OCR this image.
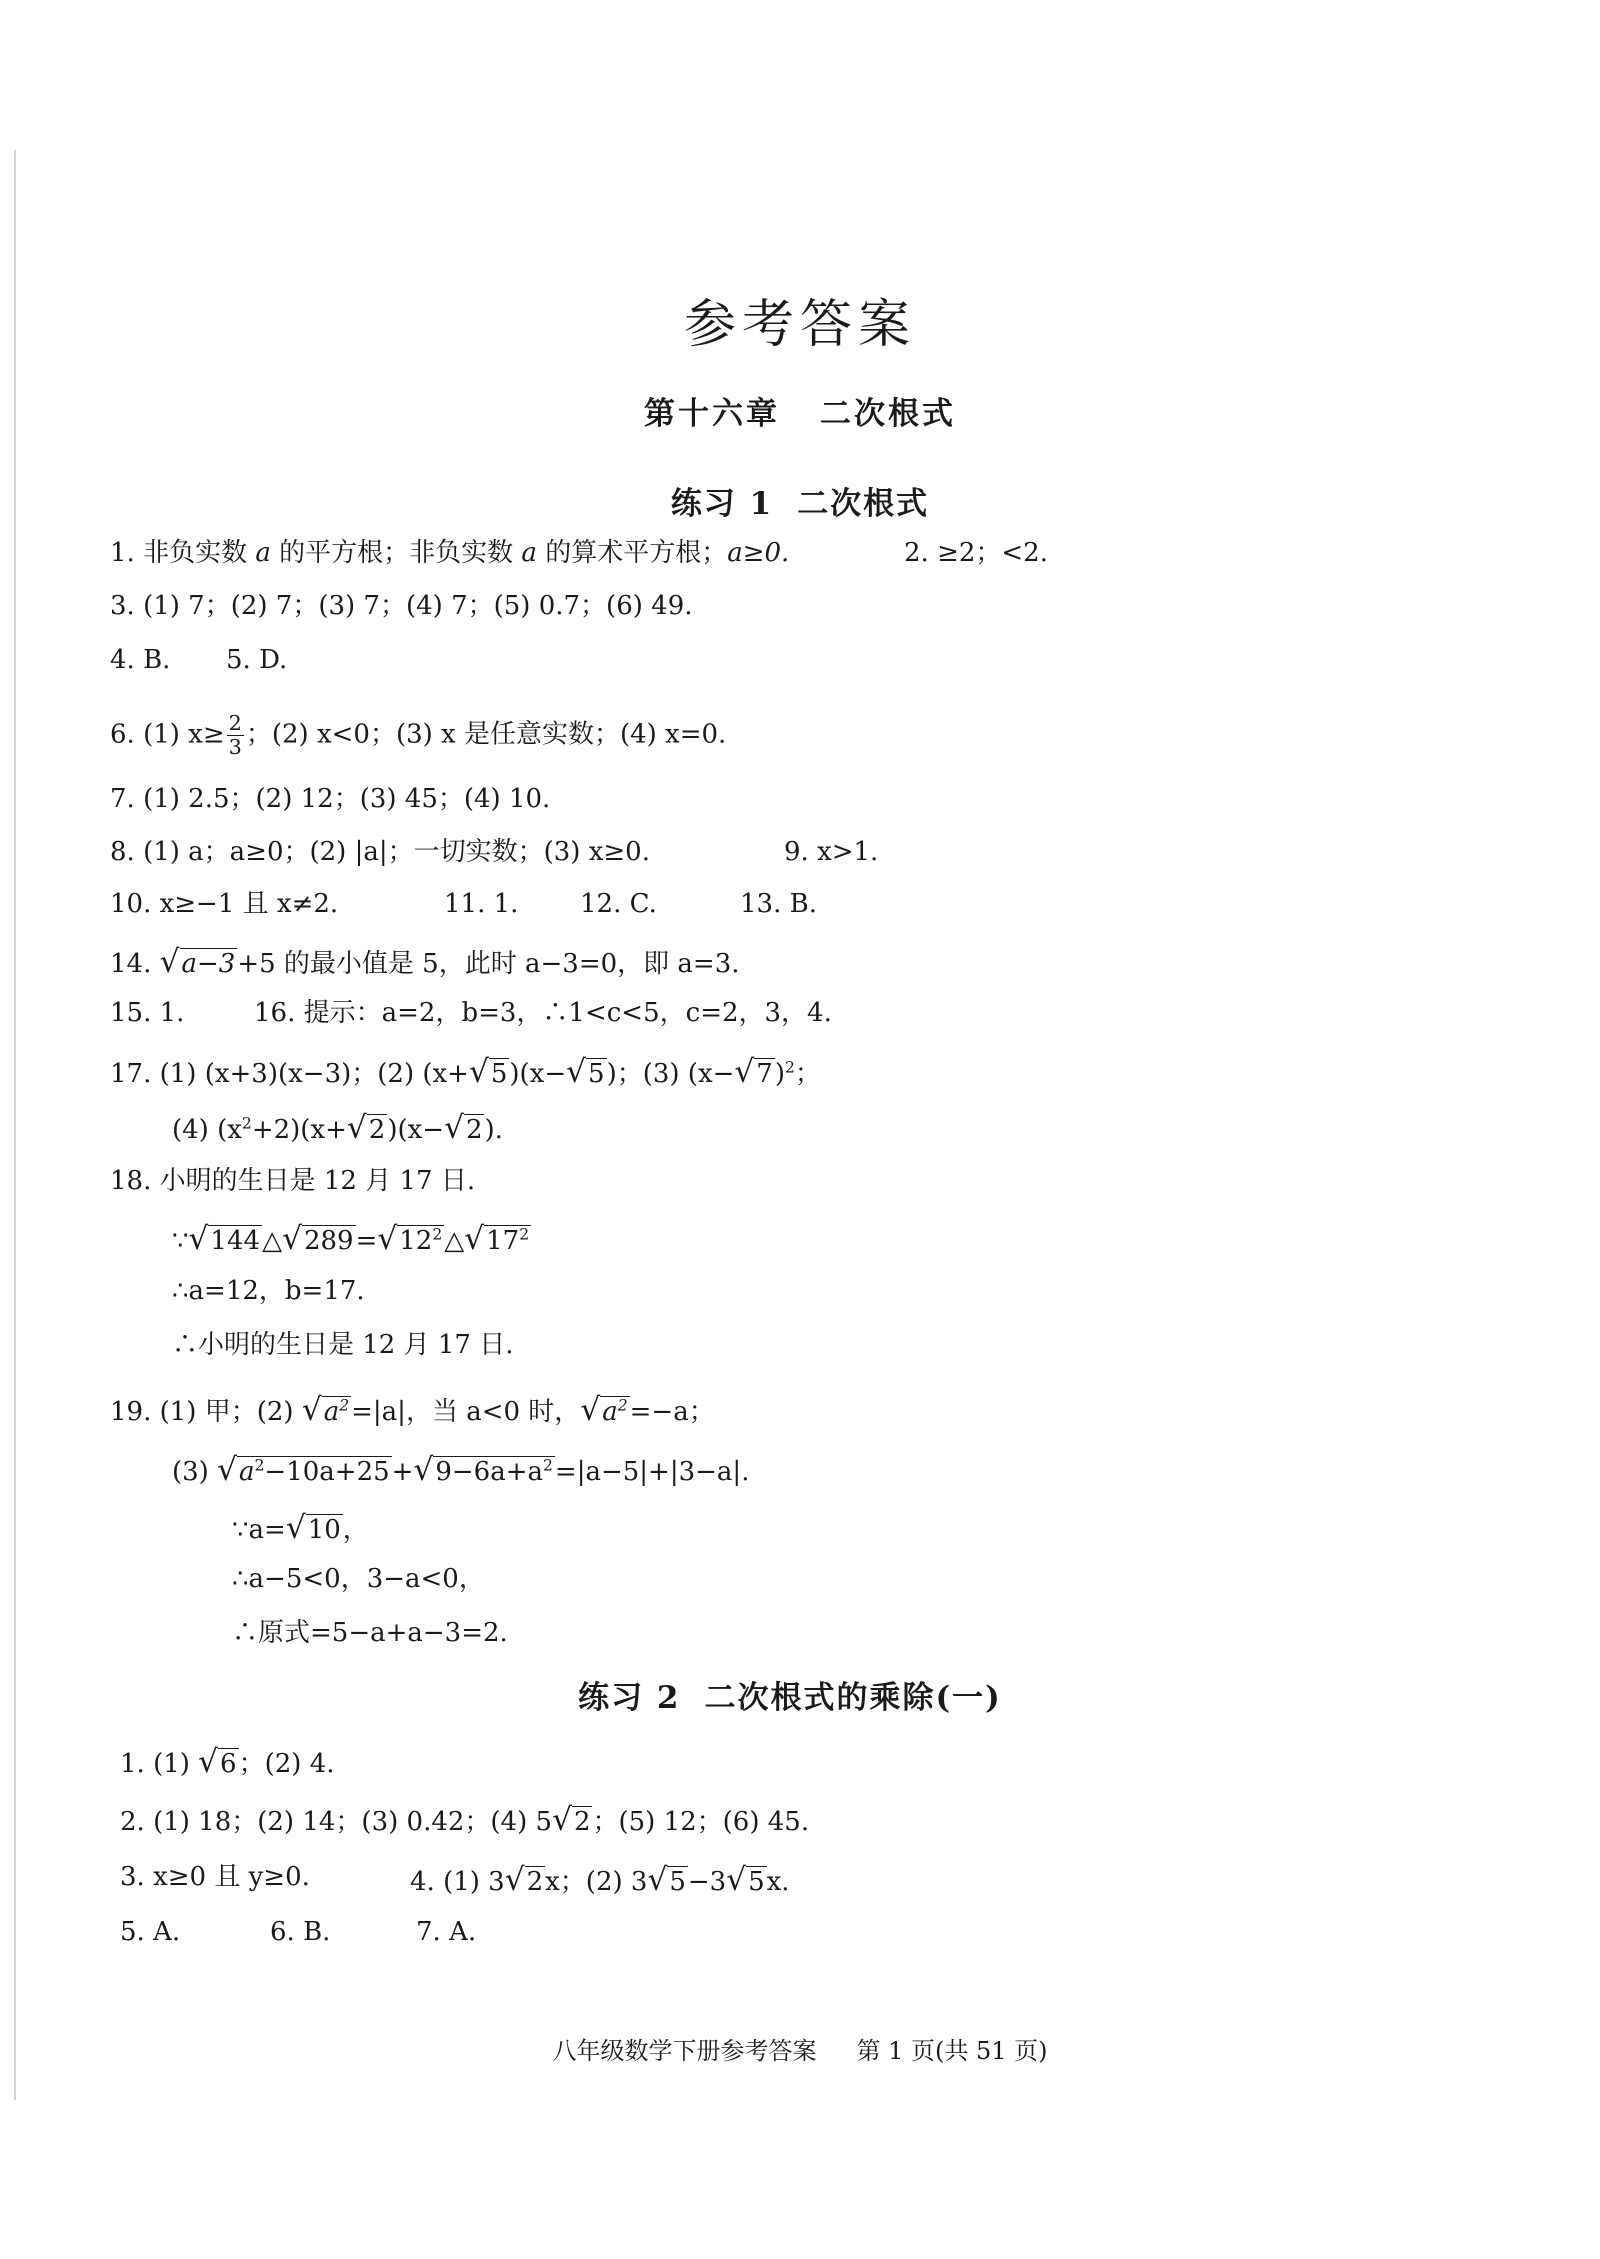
参考答案
第十六章 二次根式
练习 1 二次根式
1. 非负实数 a 的平方根；非负实数 a 的算术平方根；a≥0.	2. ≥2；<2.
3. (1) 7；(2) 7；(3) 7；(4) 7；(5) 0.7；(6) 49.
4. B. 5. D.
6. (1) $x\ge \frac{2}{3}$ ；(2) x<0；(3) x 是任意实数；(4) x=0.
7. (1) 2.5；(2) 12；(3) 45；(4) 10.
8. (1) a；a≥0；(2) |a|；一切实数；(3) x≥0.	9. x>1.
10. x≥−1 且 x≠2.	11. 1. 12. C.	13. B.
14. √a−3+5 的最小值是 5，此时 a−3=0，即 a=3.
15. 1.	16. 提示：a=2，b=3，∴1<c<5，c=2，3，4.
17. (1) (x+3)(x−3)；(2) (x+√5)(x−√5)；(3) $(x-√7)^2$；
(4) $(x^2+2)(x+√2)(x-√2)$.
18. 小明的生日是 12 月 17 日.
$\because√144\triangle√289=√12^2\triangle√17^2$
∴a=12，b=17.
∴小明的生日是 12 月 17 日.
19. (1) 甲；(2) $√a^2=|a|$，当 a<0 时，$√a^2=-a$；
(3) $√a^2-10a+25+√9-6a+a^2=|a-5|+|3-a|$.
∵a=√10，
∴a−5<0，3−a<0，
∴原式=5−a+a−3=2.
练习 2 二次根式的乘除(一)
1. (1) √6；(2) 4.
2. (1) 18；(2) 14；(3) 0.42；(4) 5√2；(5) 12；(6) 45.
3. x≥0 且 y≥0.	4. (1) 3√2x；(2) 3√5−3√5x.
5. A.	6. B.	7. A.
八年级数学下册参考答案 第 1 页(共 51 页)
